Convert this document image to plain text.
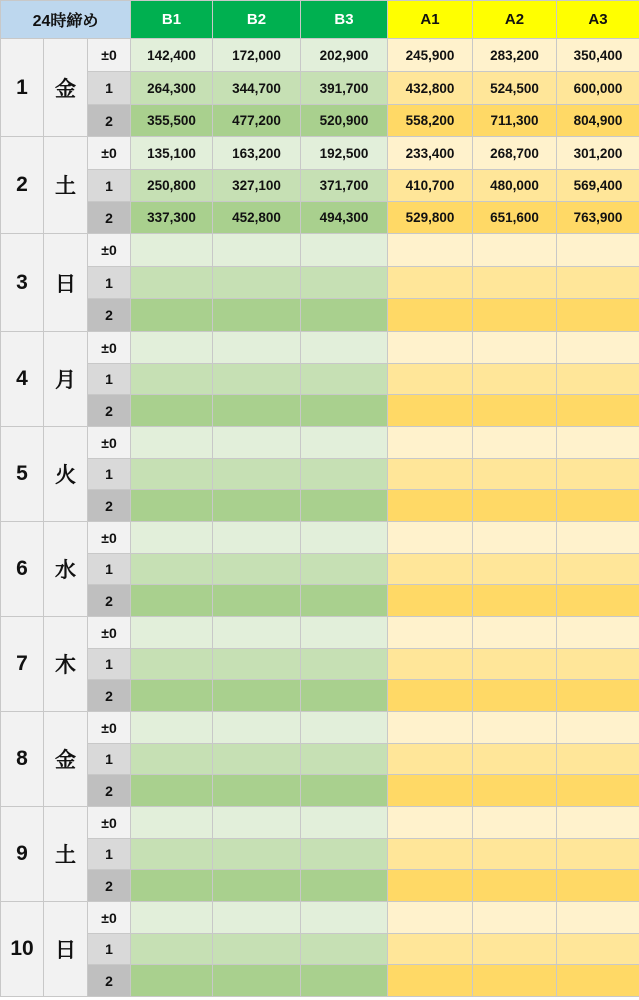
24時締め			B1	B2	B3	A1	A2	A3
1	金	±0	142,400	172,000	202,900	245,900	283,200	350,400
		1	264,300	344,700	391,700	432,800	524,500	600,000
		2	355,500	477,200	520,900	558,200	711,300	804,900
2	土	±0	135,100	163,200	192,500	233,400	268,700	301,200
		1	250,800	327,100	371,700	410,700	480,000	569,400
		2	337,300	452,800	494,300	529,800	651,600	763,900
3	日	±0						
		1						
		2						
4	月	±0						
		1						
		2						
5	火	±0						
		1						
		2						
6	水	±0						
		1						
		2						
7	木	±0						
		1						
		2						
8	金	±0						
		1						
		2						
9	土	±0						
		1						
		2						
10	日	±0						
		1						
		2						
